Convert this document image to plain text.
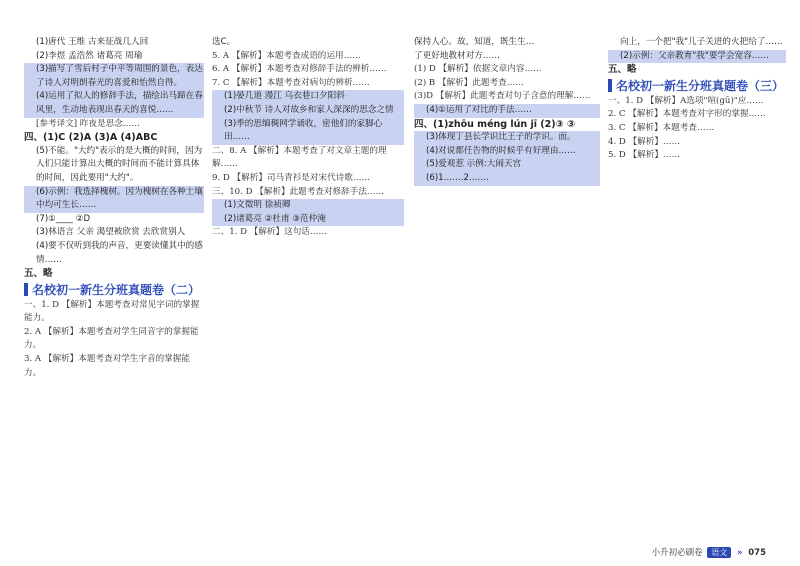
(1)唐代 王维 古来征战几人回
(2)李煜 孟浩然 诸葛亮 周瑜
(3)描写了雪后村子中平等周围的景色，表达了诗人对明朗春光的喜爱和怡然自得。
(4)运用了拟人的修辞手法，描绘出马蹄在春风里，生动地表现出春天的喜悦……
[参考译文] 昨夜是思念……
四、(1)C (2)A (3)A (4)ABC
(5)不能。"大约"表示的是大概的时间，因为人们只能计算出大概的时间而不能计算具体的时间，因此要用"大约"。
(6)示例：我选择槐树。因为槐树在各种土壤中均可生长……
(7)①____ ②D
(3)林语言 父亲 渴望被欣赏 去欣赏别人
(4)要不仅听到我的声音，更要读懂其中的感情……
五、略
名校初一新生分班真题卷（二）
一、1. D 【解析】本题考查对常见字词的掌握能力。
2. A 【解析】本题考查对学生同音字的掌握能力。
3. A 【解析】本题考查对学生字音的掌握能力。
选C。
5. A 【解析】本题考查成语的运用……
6. A 【解析】本题考查对修辞手法的辨析……
7. C 【解析】本题考查对病句的辨析……
(1)晏几道 漫江 乌衣巷口夕阳斜
(2)中秋节 诗人对故乡和家人深深的思念之情
(3)季的思缅稠网学诵收，密他们的家脚心田……
二、8. A 【解析】本题考查了对文章主题的理解……
9. D 【解析】司马青衫是对宋代诗歌……
三、10. D 【解析】此题考查对修辞手法……
(1)文徵明 徐祯卿
(2)诸葛亮 ②杜甫 ③范仲淹
二、1. D 【解析】这句话……
保持人心。故，知道，既生生…
了更好地教材对方……
(1) D 【解析】依据文章内容……
(2) B 【解析】此题考查……
(3)D 【解析】此题考查对句子含意的理解……
(4)①运用了对比的手法……
四、(1)zhōu méng lún jī (2)③ ③
(3)体现丁县长学识比王子的学识。面。
(4)对说都任告物的时候乎有好理由……
(5)爱观惹 示例:大闹天宫
(6)1.……2.……
向上，一个把"我"儿子关进的火把给了……
(2)示例：父亲教育"我"要学会宽容……
五、略
名校初一新生分班真题卷（三）
一、1. D 【解析】A选项"喧(gū)"应……
2. C 【解析】本题考查对字形的掌握……
3. C 【解析】本题考查……
4. D 【解析】……
5. D 【解析】……
小升初必刷卷 语文 » 075
